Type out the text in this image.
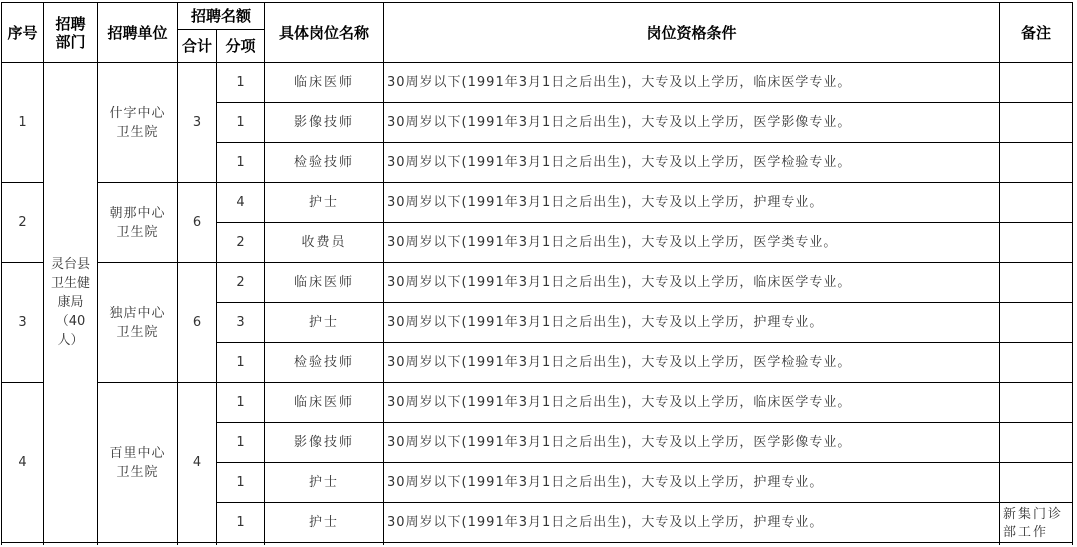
序号	招聘部门	招聘单位	招聘名额		具体岗位名称	岗位资格条件	备注
			合计	分项			
1	灵台县卫生健康局（40人）	什字中心卫生院	3	1	临床医师	30周岁以下(1991年3月1日之后出生)，大专及以上学历，临床医学专业。	
				1	影像技师	30周岁以下(1991年3月1日之后出生)，大专及以上学历，医学影像专业。	
				1	检验技师	30周岁以下(1991年3月1日之后出生)，大专及以上学历，医学检验专业。	
2		朝那中心卫生院	6	4	护士	30周岁以下(1991年3月1日之后出生)，大专及以上学历，护理专业。	
				2	收费员	30周岁以下(1991年3月1日之后出生)，大专及以上学历，医学类专业。	
3		独店中心卫生院	6	2	临床医师	30周岁以下(1991年3月1日之后出生)，大专及以上学历，临床医学专业。	
				3	护士	30周岁以下(1991年3月1日之后出生)，大专及以上学历，护理专业。	
				1	检验技师	30周岁以下(1991年3月1日之后出生)，大专及以上学历，医学检验专业。	
4		百里中心卫生院	4	1	临床医师	30周岁以下(1991年3月1日之后出生)，大专及以上学历，临床医学专业。	
				1	影像技师	30周岁以下(1991年3月1日之后出生)，大专及以上学历，医学影像专业。	
				1	护士	30周岁以下(1991年3月1日之后出生)，大专及以上学历，护理专业。	
				1	护士	30周岁以下(1991年3月1日之后出生)，大专及以上学历，护理专业。	新集门诊部工作
